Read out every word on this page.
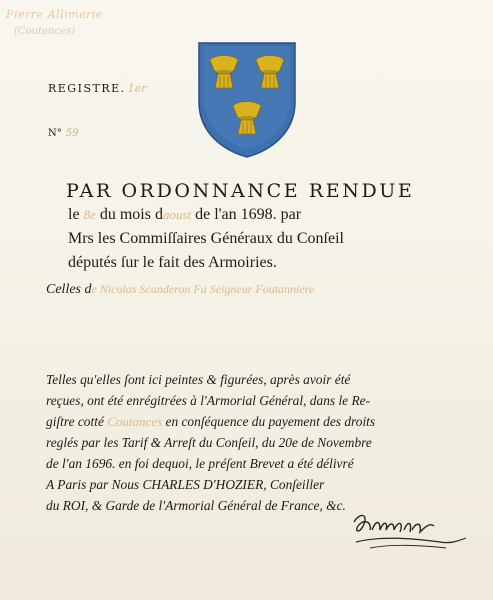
Fierre Allimerie
(Coutances)
REGISTRE. 1er
N° 59
PAR ORDONNANCE RENDUE
le 8e du mois daoust de l'an 1698. par
Mrs les Commiſſaires Généraux du Conſeil
députés ſur le fait des Armoiries.
Celles de Nicolas Scanderon Fa Seigneur Foutanniere
Telles qu'elles ſont ici peintes & figurées, après avoir été
reçues, ont été enrégitrées à l'Armorial Général, dans le Re-
giſtre cotté Coutances en conſéquence du payement des droits
reglés par les Tarif & Arreſt du Conſeil, du 20e de Novembre
de l'an 1696. en foi dequoi, le préſent Brevet a été délivré
A Paris par Nous CHARLES D'HOZIER, Conſeiller
du ROI, & Garde de l'Armorial Général de France, &c.
